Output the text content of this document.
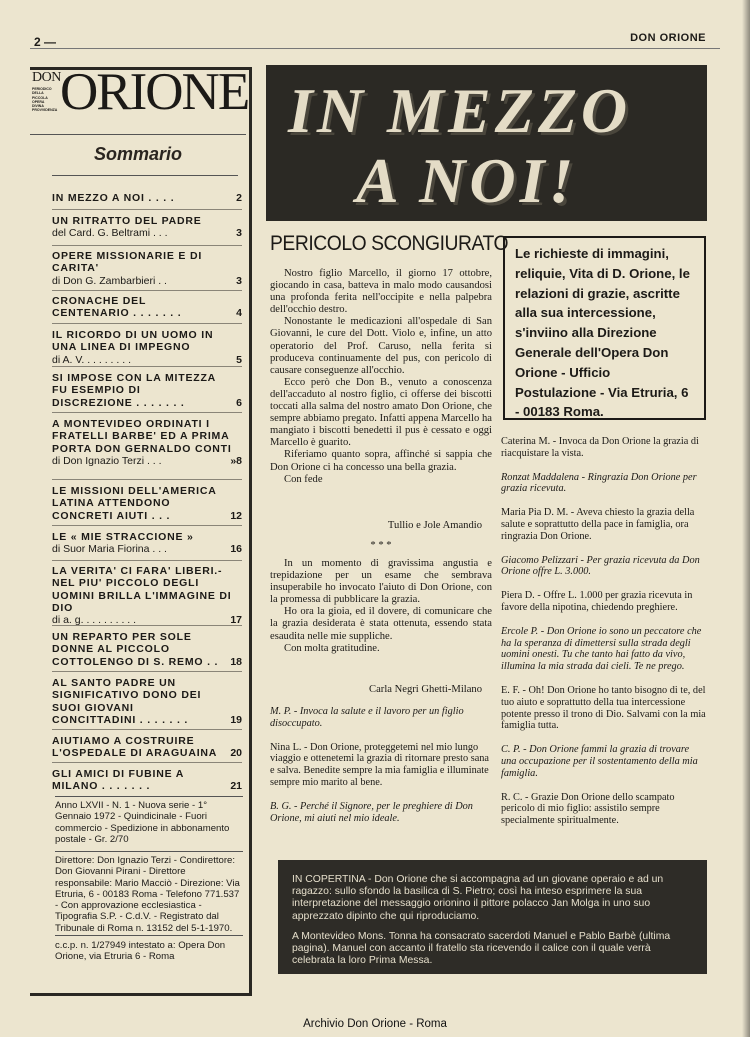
2 —	DON ORIONE
DON
PERIODICO
DELLA
PICCOLA
OPERA
DIVINA
PROVVIDENZA ORIONE
Sommario
IN MEZZO A NOI . . . .	2
UN RITRATTO DEL PADRE
del Card. G. Beltrami . . .	3
OPERE MISSIONARIE E DI CARITA'
di Don G. Zambarbieri . .	3
CRONACHE DEL CENTENARIO . . . . . . .	4
IL RICORDO DI UN UOMO IN UNA LINEA DI IMPEGNO
di A. V. . . . . . . . .	5
SI IMPOSE CON LA MITEZZA FU ESEMPIO DI DISCREZIONE . . . . . . .	6
A MONTEVIDEO ORDINATI I FRATELLI BARBE' ED A PRIMA PORTA DON GERNALDO CONTI
di Don Ignazio Terzi . . .	»8
LE MISSIONI DELL'AMERICA LATINA ATTENDONO CONCRETI AIUTI . . .	12
LE « MIE STRACCIONE »
di Suor Maria Fiorina . . .	16
LA VERITA' CI FARA' LIBERI.- NEL PIU' PICCOLO DEGLI UOMINI BRILLA L'IMMAGINE DI DIO
di a. g. . . . . . . . . .	17
UN REPARTO PER SOLE DONNE AL PICCOLO COTTOLENGO DI S. REMO . .	18
AL SANTO PADRE UN SIGNIFICATIVO DONO DEI SUOI GIOVANI CONCITTADINI . . . . . . .	19
AIUTIAMO A COSTRUIRE L'OSPEDALE DI ARAGUAINA	20
GLI AMICI DI FUBINE A MILANO . . . . . . .	21
Anno LXVII - N. 1 - Nuova serie - 1° Gennaio 1972 - Quindicinale - Fuori commercio - Spedizione in abbonamento postale - Gr. 2/70
Direttore: Don Ignazio Terzi - Condirettore: Don Giovanni Pirani - Direttore responsabile: Mario Macciò - Direzione: Via Etruria, 6 - 00183 Roma - Telefono 771.537 - Con approvazione ecclesiastica - Tipografia S.P. - C.d.V. - Registrato dal Tribunale di Roma n. 13152 del 5-1-1970.
c.c.p. n. 1/27949 intestato a: Opera Don Orione, via Etruria 6 - Roma
IN MEZZO
A NOI!
PERICOLO SCONGIURATO

Nostro figlio Marcello, il giorno 17 ottobre, giocando in casa, batteva in malo modo causandosi una profonda ferita nell'occipite e nella palpebra dell'occhio destro.

Nonostante le medicazioni all'ospedale di San Giovanni, le cure del Dott. Violo e, infine, un atto operatorio del Prof. Caruso, nella ferita si produceva continuamente del pus, con pericolo di causare conseguenze all'occhio.

Ecco però che Don B., venuto a conoscenza dell'accaduto al nostro figlio, ci offerse dei biscotti toccati alla salma del nostro amato Don Orione, che sempre abbiamo pregato. Infatti appena Marcello ha mangiato i biscotti benedetti il pus è cessato e oggi Marcello è guarito.

Riferiamo quanto sopra, affinché si sappia che Don Orione ci ha concesso una bella grazia.

Con fede

Tullio e Jole Amandio
* * *

In un momento di gravissima angustia e trepidazione per un esame che sembrava insuperabile ho invocato l'aiuto di Don Orione, con la promessa di pubblicare la grazia.

Ho ora la gioia, ed il dovere, di comunicare che la grazia desiderata è stata ottenuta, essendo stata esaudita nelle mie suppliche.

Con molta gratitudine.

Carla Negri Ghetti-Milano
M. P. - Invoca la salute e il lavoro per un figlio disoccupato.
Nina L. - Don Orione, proteggetemi nel mio lungo viaggio e ottenetemi la grazia di ritornare presto sana e salva. Benedite sempre la mia famiglia e illuminate sempre mio marito al bene.
B. G. - Perché il Signore, per le preghiere di Don Orione, mi aiuti nel mio ideale.
Le richieste di immagini, reliquie, Vita di D. Orione, le relazioni di grazie, ascritte alla sua intercessione, s'inviino alla Direzione Generale dell'Opera Don Orione - Ufficio Postulazione - Via Etruria, 6 - 00183 Roma.
Caterina M. - Invoca da Don Orione la grazia di riacquistare la vista.
Ronzat Maddalena - Ringrazia Don Orione per grazia ricevuta.
Maria Pia D. M. - Aveva chiesto la grazia della salute e soprattutto della pace in famiglia, ora ringrazia Don Orione.
Giacomo Pelizzari - Per grazia ricevuta da Don Orione offre L. 3.000.
Piera D. - Offre L. 1.000 per grazia ricevuta in favore della nipotina, chiedendo preghiere.
Ercole P. - Don Orione io sono un peccatore che ha la speranza di dimettersi sulla strada degli uomini onesti. Tu che tanto hai fatto da vivo, illumina la mia strada dai cieli. Te ne prego.
E. F. - Oh! Don Orione ho tanto bisogno di te, del tuo aiuto e soprattutto della tua intercessione potente presso il trono di Dio. Salvami con la mia famiglia tutta.
C. P. - Don Orione fammi la grazia di trovare una occupazione per il sostentamento della mia famiglia.
R. C. - Grazie Don Orione dello scampato pericolo di mio figlio: assistilo sempre specialmente spiritualmente.

IN COPERTINA - Don Orione che si accompagna ad un giovane operaio e ad un ragazzo: sullo sfondo la basilica di S. Pietro; così ha inteso esprimere la sua interpretazione del messaggio orionino il pittore polacco Jan Molga in uno suo apprezzato dipinto che qui riproduciamo.

A Montevideo Mons. Tonna ha consacrato sacerdoti Manuel e Pablo Barbè (ultima pagina). Manuel con accanto il fratello sta ricevendo il calice con il quale verrà celebrata la loro Prima Messa.

Archivio Don Orione - Roma
